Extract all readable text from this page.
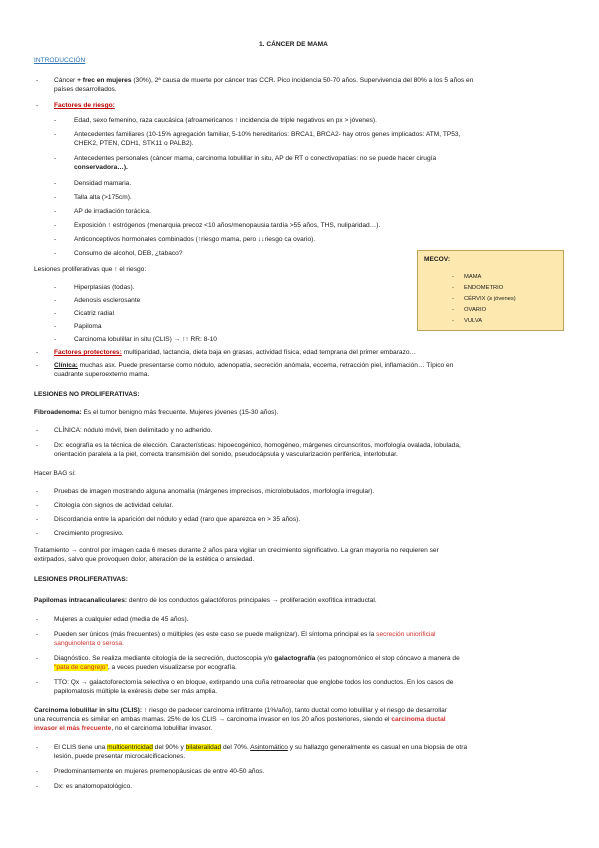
1. CÁNCER DE MAMA
INTRODUCCIÓN
- Cáncer + frec en mujeres (30%), 2ª causa de muerte por cáncer tras CCR. Pico incidencia 50-70 años. Supervivencia del 80% a los 5 años en
países desarrollados.
- Factores de riesgo:
-	Edad, sexo femenino, raza caucásica (afroamericanos ↑ incidencia de triple negativos en px > jóvenes).
-	Antecedentes familiares (10-15% agregación familiar, 5-10% hereditarios: BRCA1, BRCA2- hay otros genes implicados: ATM, TP53,
CHEK2, PTEN, CDH1, STK11 o PALB2).
-	Antecedentes personales (cáncer mama, carcinoma lobulillar in situ, AP de RT o conectivopatías: no se puede hacer cirugía
conservadora…).
-	Densidad mamaria.
-	Talla alta (>175cm).
-	AP de irradiación torácica.
-	Exposición ↑ estrógenos (menarquia precoz <10 años/menopausia tardía >55 años, THS, nuliparidad…).
-	Anticonceptivos hormonales combinados (↑riesgo mama, pero ↓↓riesgo ca ovario).
-	Consumo de alcohol, DEB, ¿tabaco?
MECOV:
- MAMA
- ENDOMETRIO
- CÉRVIX (≥ jóvenes)
- OVARIO
- VULVA
Lesiones proliferativas que ↑ el riesgo:
-	Hiperplasias (todas).
-	Adenosis esclerosante
-	Cicatriz radial
-	Papiloma
-	Carcinoma lobulillar in situ (CLIS) → ↑↑ RR: 8-10
- Factores protectores: multiparidad, lactancia, dieta baja en grasas, actividad física, edad temprana del primer embarazo…
- Clínica: muchas asx. Puede presentarse como nódulo, adenopatía, secreción anómala, eccema, retracción piel, inflamación… Típico en
cuadrante superoexterno mama.
LESIONES NO PROLIFERATIVAS:
Fibroadenoma: Es el tumor benigno más frecuente. Mujeres jóvenes (15-30 años).
- CLÍNICA: nódulo móvil, bien delimitado y no adherido.
- Dx: ecografía es la técnica de elección. Características: hipoecogénico, homogéneo, márgenes circunscritos, morfología ovalada, lobulada,
orientación paralela a la piel, correcta transmisión del sonido, pseudocápsula y vascularización periférica, interlobular.
Hacer BAG si:
- Pruebas de imagen mostrando alguna anomalía (márgenes imprecisos, microlobulados, morfología irregular).
- Citología con signos de actividad celular.
- Discordancia entre la aparición del nódulo y edad (raro que aparezca en > 35 años).
- Crecimiento progresivo.
Tratamiento → control por imagen cada 6 meses durante 2 años para vigilar un crecimiento significativo. La gran mayoría no requieren ser
extirpados, salvo que provoquen dolor, alteración de la estética o ansiedad.
LESIONES PROLIFERATIVAS:
Papilomas intracanaliculares: dentro de los conductos galactóforos principales → proliferación exofítica intraductal.
- Mujeres a cualquier edad (media de 45 años).
- Pueden ser únicos (más frecuentes) o múltiples (es este caso se puede malignizar). El síntoma principal es la secreción uniorificial
sanguinolenta o serosa.
- Diagnóstico. Se realiza mediante citología de la secreción, ductoscopia y/o galactografía (es patognomónico el stop cóncavo a manera de
"pata de cangrejo", a veces pueden visualizarse por ecografía.
- TTO: Qx → galactoforectomía selectiva o en bloque, extirpando una cuña retroareolar que englobe todos los conductos. En los casos de
papilomatosis múltiple la exéresis debe ser más amplia.
Carcinoma lobulillar in situ (CLIS): ↑ riesgo de padecer carcinoma infiltrante (1%/año), tanto ductal como lobulillar y el riesgo de desarrollar
una recurrencia es similar en ambas mamas. 25% de los CLIS → carcinoma invasor en los 20 años posteriores, siendo el carcinoma ductal
invasor el más frecuente, no el carcinoma lobulillar invasor.
- El CLIS tiene una multicentricidad del 90% y bilateralidad del 70%. Asintomático y su hallazgo generalmente es casual en una biopsia de otra
lesión, puede presentar microcalcificaciones.
- Predominantemente en mujeres premenopáusicas de entre 40-50 años.
- Dx: es anatomopatológico.
